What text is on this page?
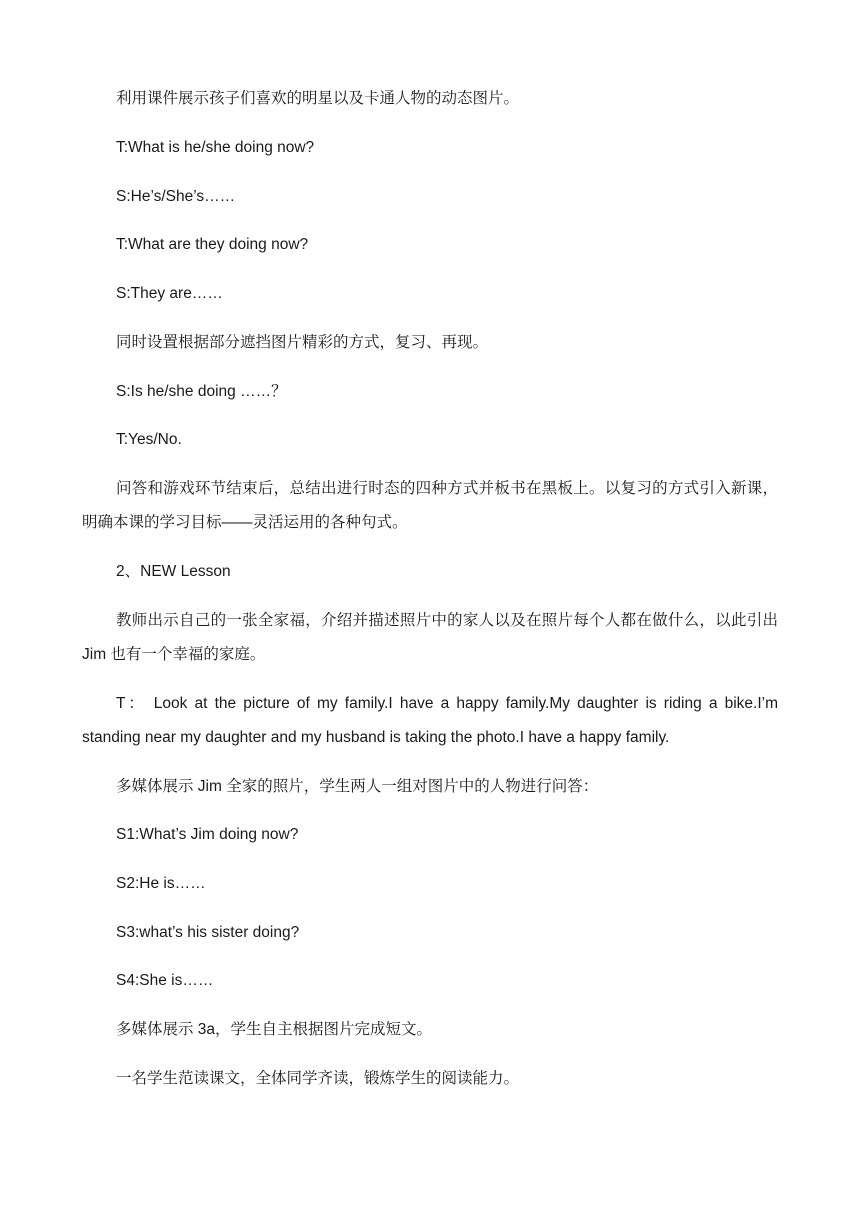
利用课件展示孩子们喜欢的明星以及卡通人物的动态图片。

T:What is he/she doing now?

S:He’s/She’s……

T:What are they doing now?

S:They are……

同时设置根据部分遮挡图片精彩的方式，复习、再现。

S:Is he/she doing ……？

T:Yes/No.

问答和游戏环节结束后，总结出进行时态的四种方式并板书在黑板上。以复习的方式引入新课，明确本课的学习目标——灵活运用的各种句式。

2、NEW Lesson

教师出示自己的一张全家福，介绍并描述照片中的家人以及在照片每个人都在做什么，以此引出 Jim 也有一个幸福的家庭。

T： Look at the picture of my family.I have a happy family.My daughter is riding a bike.I’m standing near my daughter and my husband is taking the photo.I have a happy family.

多媒体展示 Jim 全家的照片，学生两人一组对图片中的人物进行问答：

S1:What’s Jim doing now?

S2:He is……

S3:what’s his sister doing?

S4:She is……

多媒体展示 3a，学生自主根据图片完成短文。

一名学生范读课文，全体同学齐读，锻炼学生的阅读能力。
